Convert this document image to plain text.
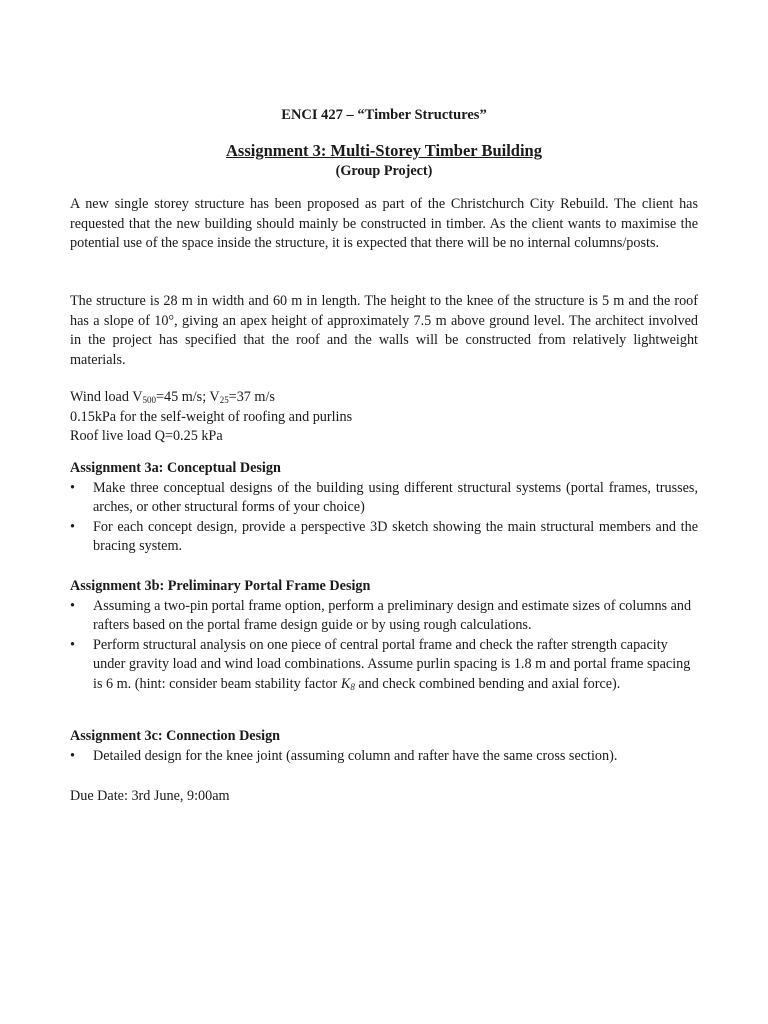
ENCI 427 – “Timber Structures”
Assignment 3: Multi-Storey Timber Building
(Group Project)

A new single storey structure has been proposed as part of the Christchurch City Rebuild. The client has requested that the new building should mainly be constructed in timber. As the client wants to maximise the potential use of the space inside the structure, it is expected that there will be no internal columns/posts.

The structure is 28 m in width and 60 m in length. The height to the knee of the structure is 5 m and the roof has a slope of 10°, giving an apex height of approximately 7.5 m above ground level. The architect involved in the project has specified that the roof and the walls will be constructed from relatively lightweight materials.

Wind load $V_{500}=45$ m/s; $V_{25}=37$ m/s

0.15kPa for the self-weight of roofing and purlins

Roof live load Q=0.25 kPa

Assignment 3a: Conceptual Design

• Make three conceptual designs of the building using different structural systems (portal frames, trusses, arches, or other structural forms of your choice)
• For each concept design, provide a perspective 3D sketch showing the main structural members and the bracing system.

Assignment 3b: Preliminary Portal Frame Design

• Assuming a two-pin portal frame option, perform a preliminary design and estimate sizes of columns and rafters based on the portal frame design guide or by using rough calculations.
• Perform structural analysis on one piece of central portal frame and check the rafter strength capacity under gravity load and wind load combinations. Assume purlin spacing is 1.8 m and portal frame spacing is 6 m. (hint: consider beam stability factor $K_8$ and check combined bending and axial force).

Assignment 3c: Connection Design

• Detailed design for the knee joint (assuming column and rafter have the same cross section).

Due Date: 3rd June, 9:00am
